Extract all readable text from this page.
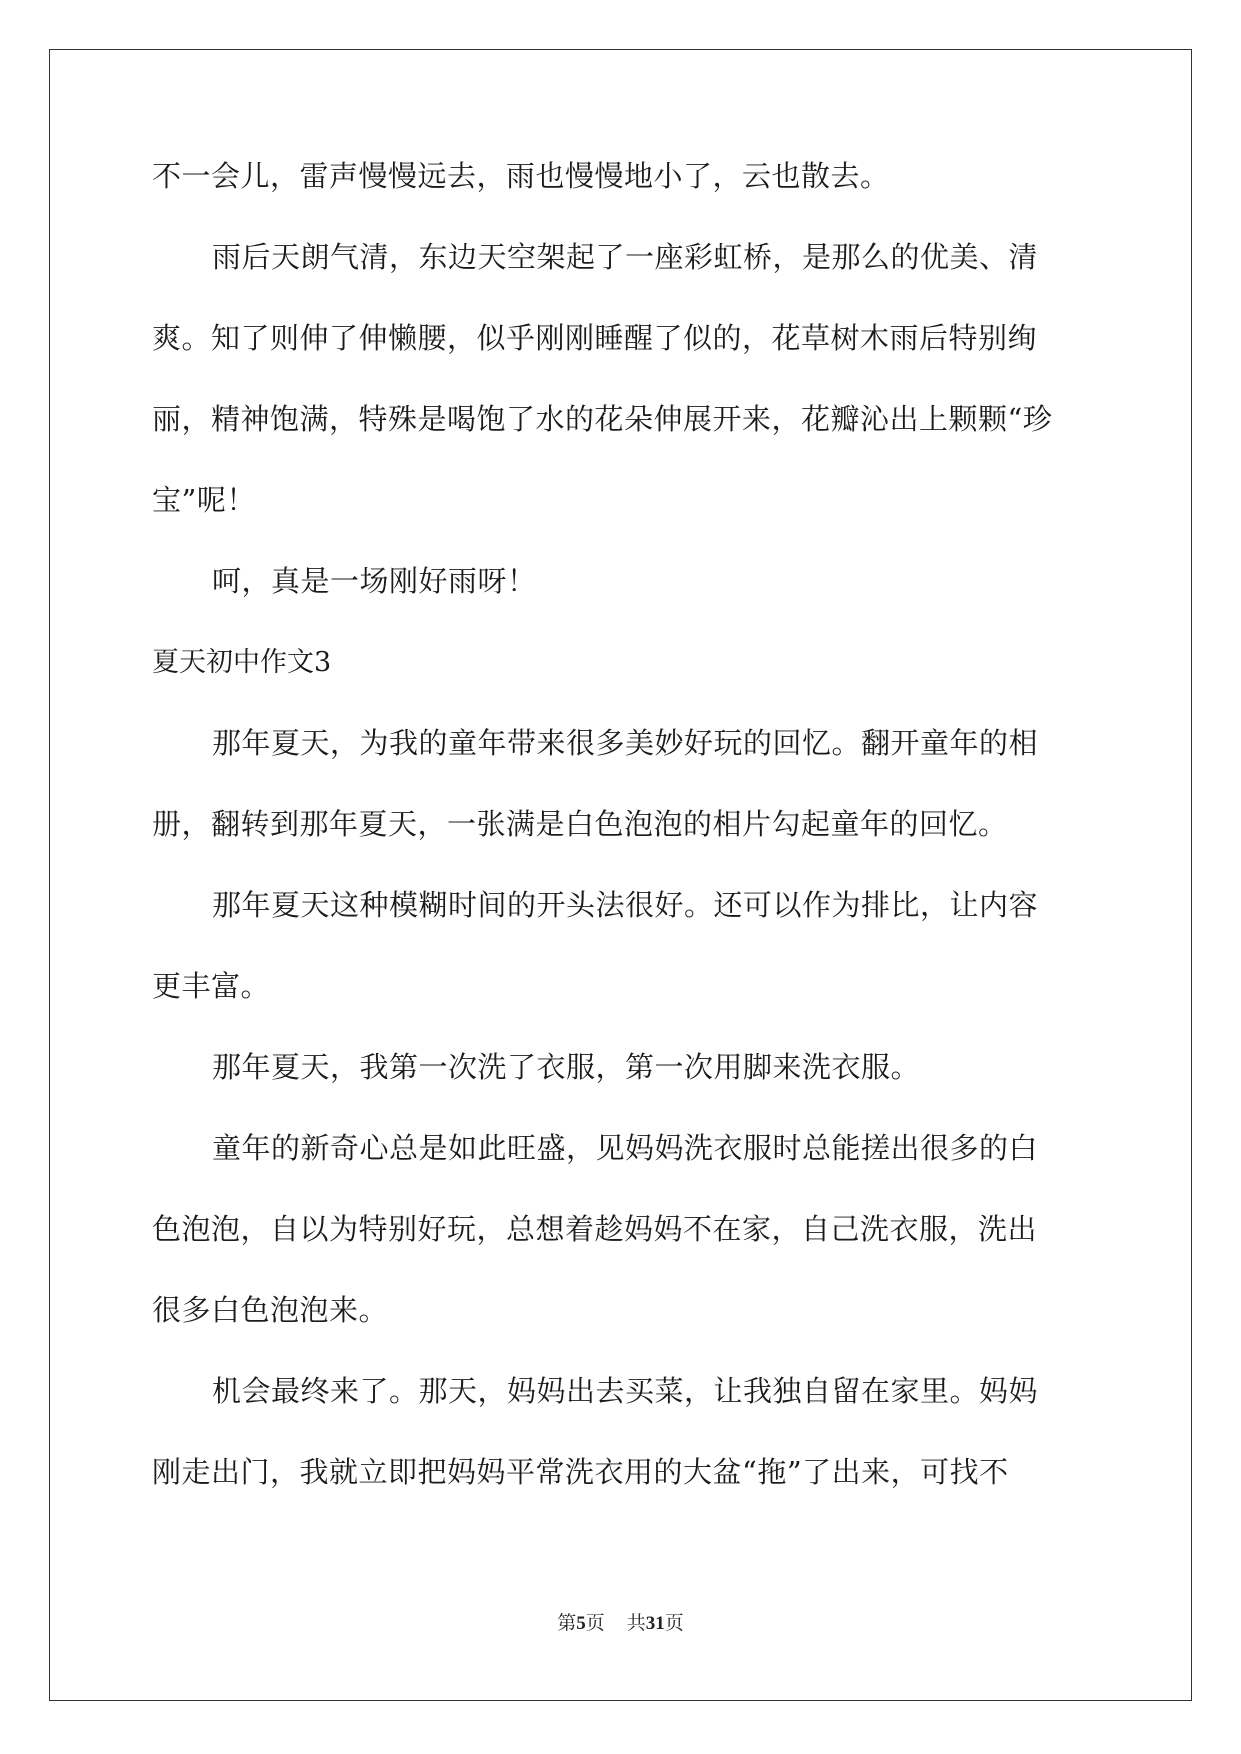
不一会儿，雷声慢慢远去，雨也慢慢地小了，云也散去。
雨后天朗气清，东边天空架起了一座彩虹桥，是那么的优美、清
爽。知了则伸了伸懒腰，似乎刚刚睡醒了似的，花草树木雨后特别绚
丽，精神饱满，特殊是喝饱了水的花朵伸展开来，花瓣沁出上颗颗“珍
宝”呢！
呵，真是一场刚好雨呀！
夏天初中作文3
那年夏天，为我的童年带来很多美妙好玩的回忆。翻开童年的相
册，翻转到那年夏天，一张满是白色泡泡的相片勾起童年的回忆。
那年夏天这种模糊时间的开头法很好。还可以作为排比，让内容
更丰富。
那年夏天，我第一次洗了衣服，第一次用脚来洗衣服。
童年的新奇心总是如此旺盛，见妈妈洗衣服时总能搓出很多的白
色泡泡，自以为特别好玩，总想着趁妈妈不在家，自己洗衣服，洗出
很多白色泡泡来。
机会最终来了。那天，妈妈出去买菜，让我独自留在家里。妈妈
刚走出门，我就立即把妈妈平常洗衣用的大盆“拖”了出来，可找不
第5页 共31页
